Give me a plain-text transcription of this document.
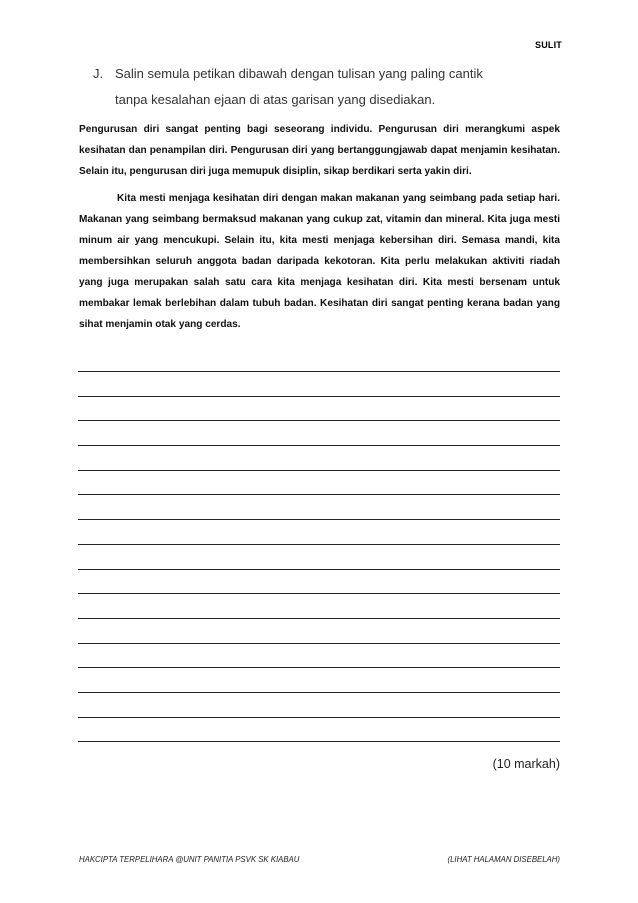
SULIT
J. Salin semula petikan dibawah dengan tulisan yang paling cantik
tanpa kesalahan ejaan di atas garisan yang disediakan.
Pengurusan diri sangat penting bagi seseorang individu. Pengurusan diri merangkumi aspek kesihatan dan penampilan diri. Pengurusan diri yang bertanggungjawab dapat menjamin kesihatan. Selain itu, pengurusan diri juga memupuk disiplin, sikap berdikari serta yakin diri.
Kita mesti menjaga kesihatan diri dengan makan makanan yang seimbang pada setiap hari. Makanan yang seimbang bermaksud makanan yang cukup zat, vitamin dan mineral. Kita juga mesti minum air yang mencukupi. Selain itu, kita mesti menjaga kebersihan diri. Semasa mandi, kita membersihkan seluruh anggota badan daripada kekotoran. Kita perlu melakukan aktiviti riadah yang juga merupakan salah satu cara kita menjaga kesihatan diri. Kita mesti bersenam untuk membakar lemak berlebihan dalam tubuh badan. Kesihatan diri sangat penting kerana badan yang sihat menjamin otak yang cerdas.
(10 markah)
HAKCIPTA TERPELIHARA @UNIT PANITIA PSVK SK KIABAU	(LIHAT HALAMAN DISEBELAH)
